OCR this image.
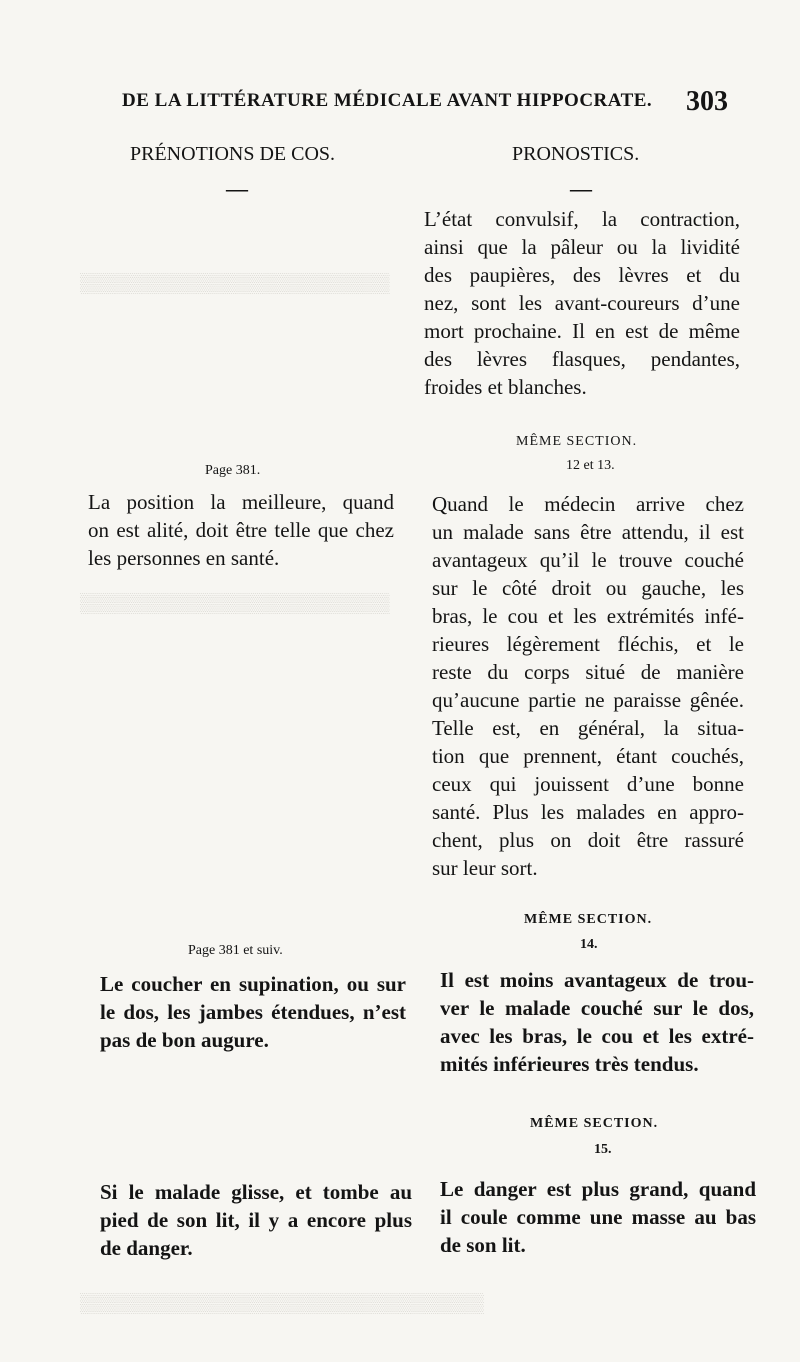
▒▒▒▒▒▒▒▒▒▒▒▒▒▒▒▒▒▒▒▒▒▒▒
▒▒▒▒▒▒▒▒▒▒▒▒▒▒▒▒▒▒▒▒▒▒▒
▒▒▒▒▒▒▒▒▒▒▒▒▒▒▒▒▒▒▒▒▒▒▒▒▒▒▒▒▒▒
DE LA LITTÉRATURE MÉDICALE AVANT HIPPOCRATE. 303
PRÉNOTIONS DE COS.	PRONOSTICS.
—	—
Page 381.
La position la meilleure, quand
on est alité, doit être telle que chez
les personnes en santé.
Page 381 et suiv.
Le coucher en supination, ou sur
le dos, les jambes étendues, n’est
pas de bon augure.
Si le malade glisse, et tombe au
pied de son lit, il y a encore plus
de danger.
L’état convulsif, la contraction,
ainsi que la pâleur ou la lividité
des paupières, des lèvres et du
nez, sont les avant-coureurs d’une
mort prochaine. Il en est de même
des lèvres flasques, pendantes,
froides et blanches.
MÊME SECTION.
12 et 13.
Quand le médecin arrive chez
un malade sans être attendu, il est
avantageux qu’il le trouve couché
sur le côté droit ou gauche, les
bras, le cou et les extrémités infé-
rieures légèrement fléchis, et le
reste du corps situé de manière
qu’aucune partie ne paraisse gênée.
Telle est, en général, la situa-
tion que prennent, étant couchés,
ceux qui jouissent d’une bonne
santé. Plus les malades en appro-
chent, plus on doit être rassuré
sur leur sort.
MÊME SECTION.
14.
Il est moins avantageux de trou-
ver le malade couché sur le dos,
avec les bras, le cou et les extré-
mités inférieures très tendus.
MÊME SECTION.
15.
Le danger est plus grand, quand
il coule comme une masse au bas
de son lit.
